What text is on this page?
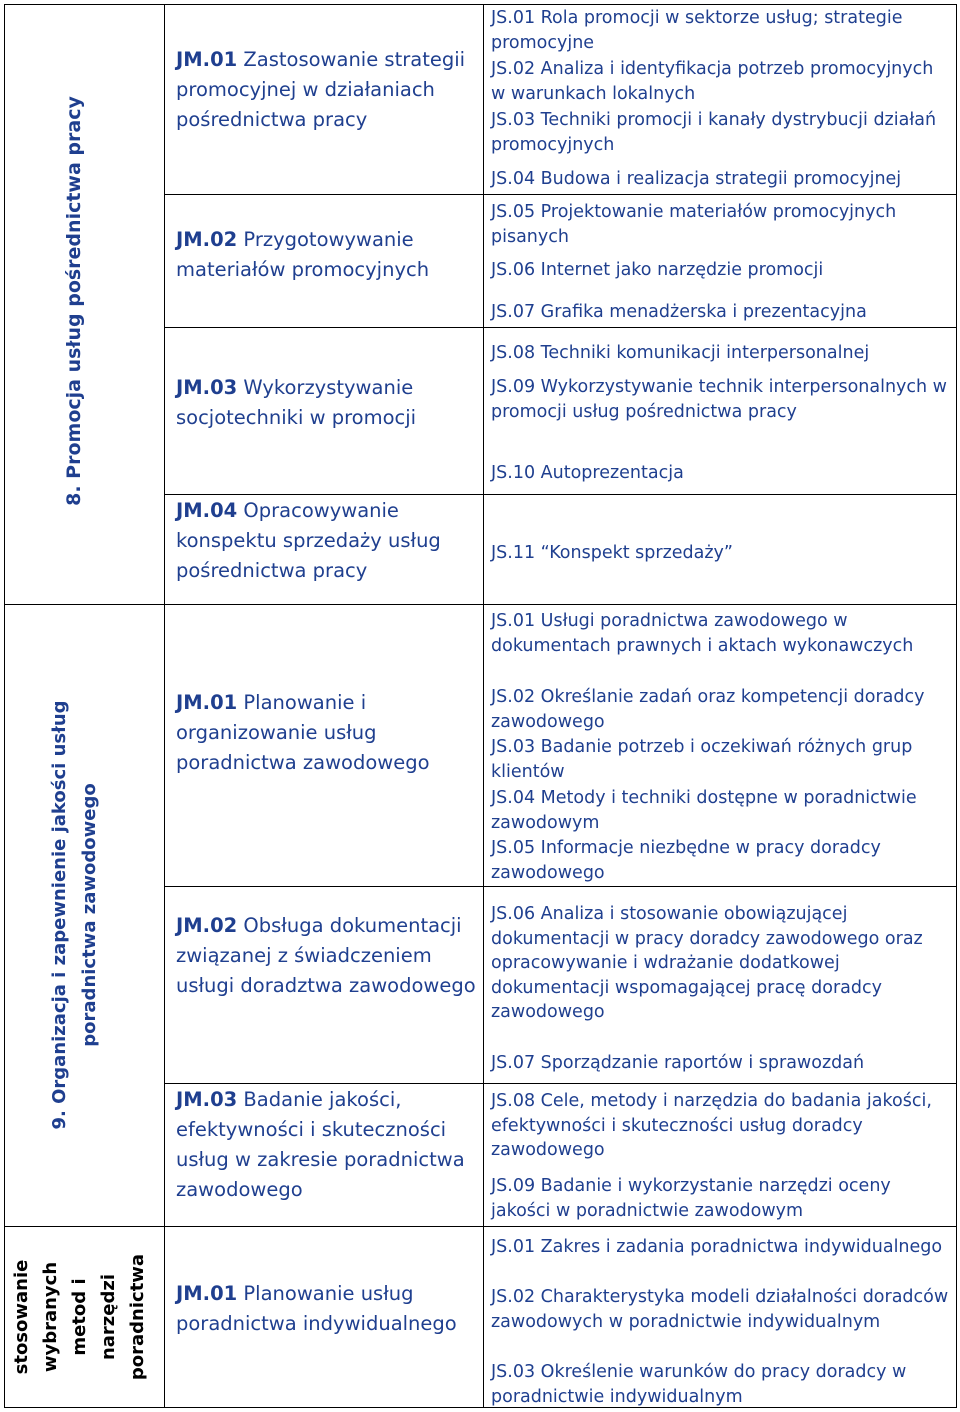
8. Promocja usług pośrednictwa pracy
9. Organizacja i zapewnienie jakości usług poradnictwa zawodowego
stosowanie wybranych metod i narzędzi poradnictwa
JM.01 Zastosowanie strategii promocyjnej w działaniach pośrednictwa pracy
JM.02 Przygotowywanie materiałów promocyjnych
JM.03 Wykorzystywanie socjotechniki w promocji
JM.04 Opracowywanie konspektu sprzedaży usług pośrednictwa pracy
JM.01 Planowanie i organizowanie usług poradnictwa zawodowego
JM.02 Obsługa dokumentacji związanej z świadczeniem usługi doradztwa zawodowego
JM.03 Badanie jakości, efektywności i skuteczności usług w zakresie poradnictwa zawodowego
JM.01 Planowanie usług poradnictwa indywidualnego
JS.01 Rola promocji w sektorze usług; strategie promocyjne
JS.02 Analiza i identyfikacja potrzeb promocyjnych w warunkach lokalnych
JS.03 Techniki promocji i kanały dystrybucji działań promocyjnych
JS.04 Budowa i realizacja strategii promocyjnej
JS.05 Projektowanie materiałów promocyjnych pisanych
JS.06 Internet jako narzędzie promocji
JS.07 Grafika menadżerska i prezentacyjna
JS.08 Techniki komunikacji interpersonalnej
JS.09 Wykorzystywanie technik interpersonalnych w promocji usług pośrednictwa pracy
JS.10 Autoprezentacja
JS.11 “Konspekt sprzedaży”
JS.01 Usługi poradnictwa zawodowego w dokumentach prawnych i aktach wykonawczych
JS.02 Określanie zadań oraz kompetencji doradcy zawodowego
JS.03 Badanie potrzeb i oczekiwań różnych grup klientów
JS.04 Metody i techniki dostępne w poradnictwie zawodowym
JS.05 Informacje niezbędne w pracy doradcy zawodowego
JS.06 Analiza i stosowanie obowiązującej dokumentacji w pracy doradcy zawodowego oraz opracowywanie i wdrażanie dodatkowej dokumentacji wspomagającej pracę doradcy zawodowego
JS.07 Sporządzanie raportów i sprawozdań
JS.08 Cele, metody i narzędzia do badania jakości, efektywności i skuteczności usług doradcy zawodowego
JS.09 Badanie i wykorzystanie narzędzi oceny jakości w poradnictwie zawodowym
JS.01 Zakres i zadania poradnictwa indywidualnego
JS.02 Charakterystyka modeli działalności doradców zawodowych w poradnictwie indywidualnym
JS.03 Określenie warunków do pracy doradcy w poradnictwie indywidualnym
